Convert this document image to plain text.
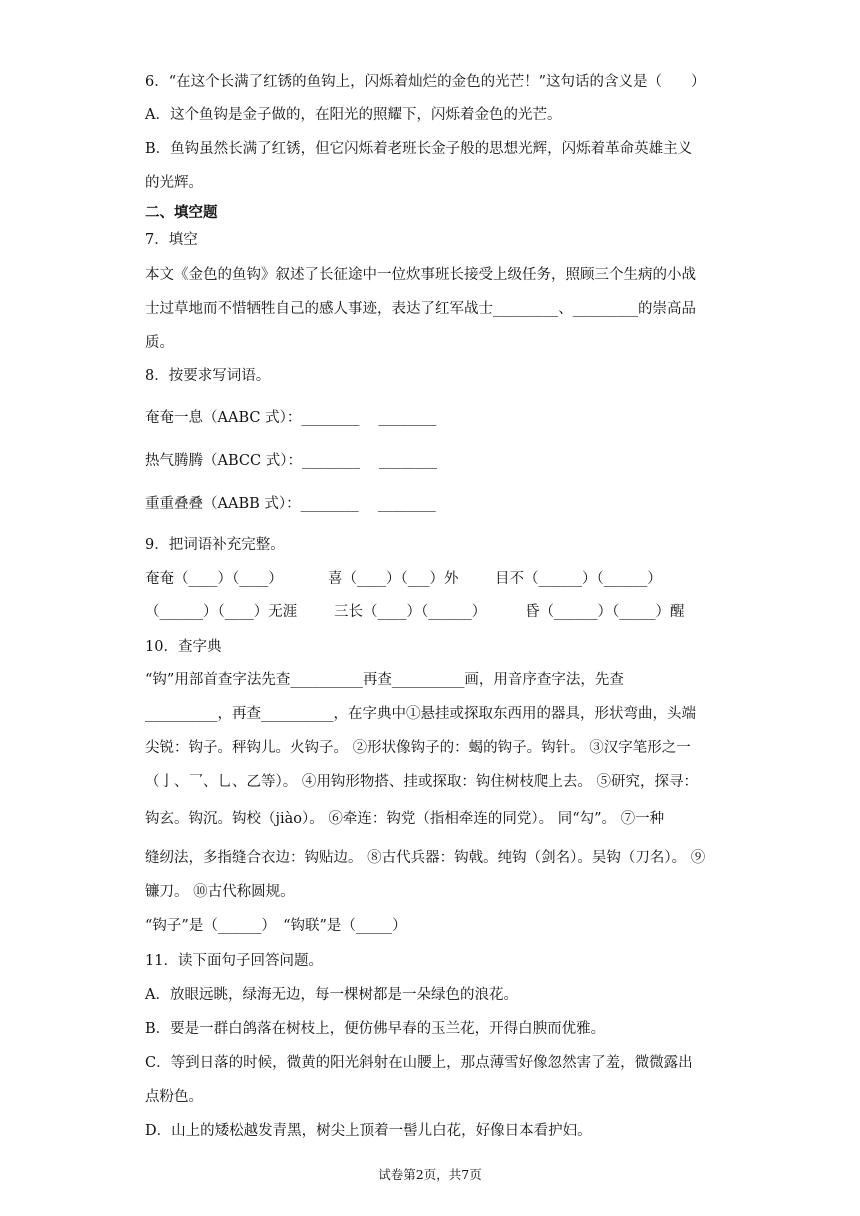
6．“在这个长满了红锈的鱼钩上，闪烁着灿烂的金色的光芒！”这句话的含义是（　　）
A．这个鱼钩是金子做的，在阳光的照耀下，闪烁着金色的光芒。
B．鱼钩虽然长满了红锈，但它闪烁着老班长金子般的思想光辉，闪烁着革命英雄主义
的光辉。
二、填空题
7．填空
本文《金色的鱼钩》叙述了长征途中一位炊事班长接受上级任务，照顾三个生病的小战
士过草地而不惜牺牲自己的感人事迹，表达了红军战士_________、_________的崇高品
质。
8．按要求写词语。
奄奄一息（AABC 式）：________　 ________
热气腾腾（ABCC 式）：________　 ________
重重叠叠（AABB 式）：________　 ________
9．把词语补充完整。
奄奄（____）（____）	喜（____）（___）外	目不（______）（______）
（______）（____）无涯	三长（____）（______）	昏（______）（_____）醒
10．查字典
“钩”用部首查字法先查__________再查__________画，用音序查字法，先查
__________，再查__________，在字典中①悬挂或探取东西用的器具，形状弯曲，头端
尖锐：钩子。秤钩儿。火钩子。 ②形状像钩子的：蝎的钩子。钩针。 ③汉字笔形之一
（亅、乛、乚、乙等）。 ④用钩形物搭、挂或探取：钩住树枝爬上去。 ⑤研究，探寻：
钩玄。钩沉。钩校（jiào）。 ⑥牵连：钩党（指相牵连的同党）。 同“勾”。 ⑦一种
缝纫法，多指缝合衣边：钩贴边。 ⑧古代兵器：钩戟。纯钩（剑名）。吴钩（刀名）。 ⑨
镰刀。 ⑩古代称圆规。
“钩子”是（______）　“钩联”是（_____）
11．读下面句子回答问题。
A．放眼远眺，绿海无边，每一棵树都是一朵绿色的浪花。
B．要是一群白鸽落在树枝上，便仿佛早春的玉兰花，开得白腴而优雅。
C．等到日落的时候，微黄的阳光斜射在山腰上，那点薄雪好像忽然害了羞，微微露出
点粉色。
D．山上的矮松越发青黑，树尖上顶着一髻儿白花，好像日本看护妇。
试卷第2页，共7页
